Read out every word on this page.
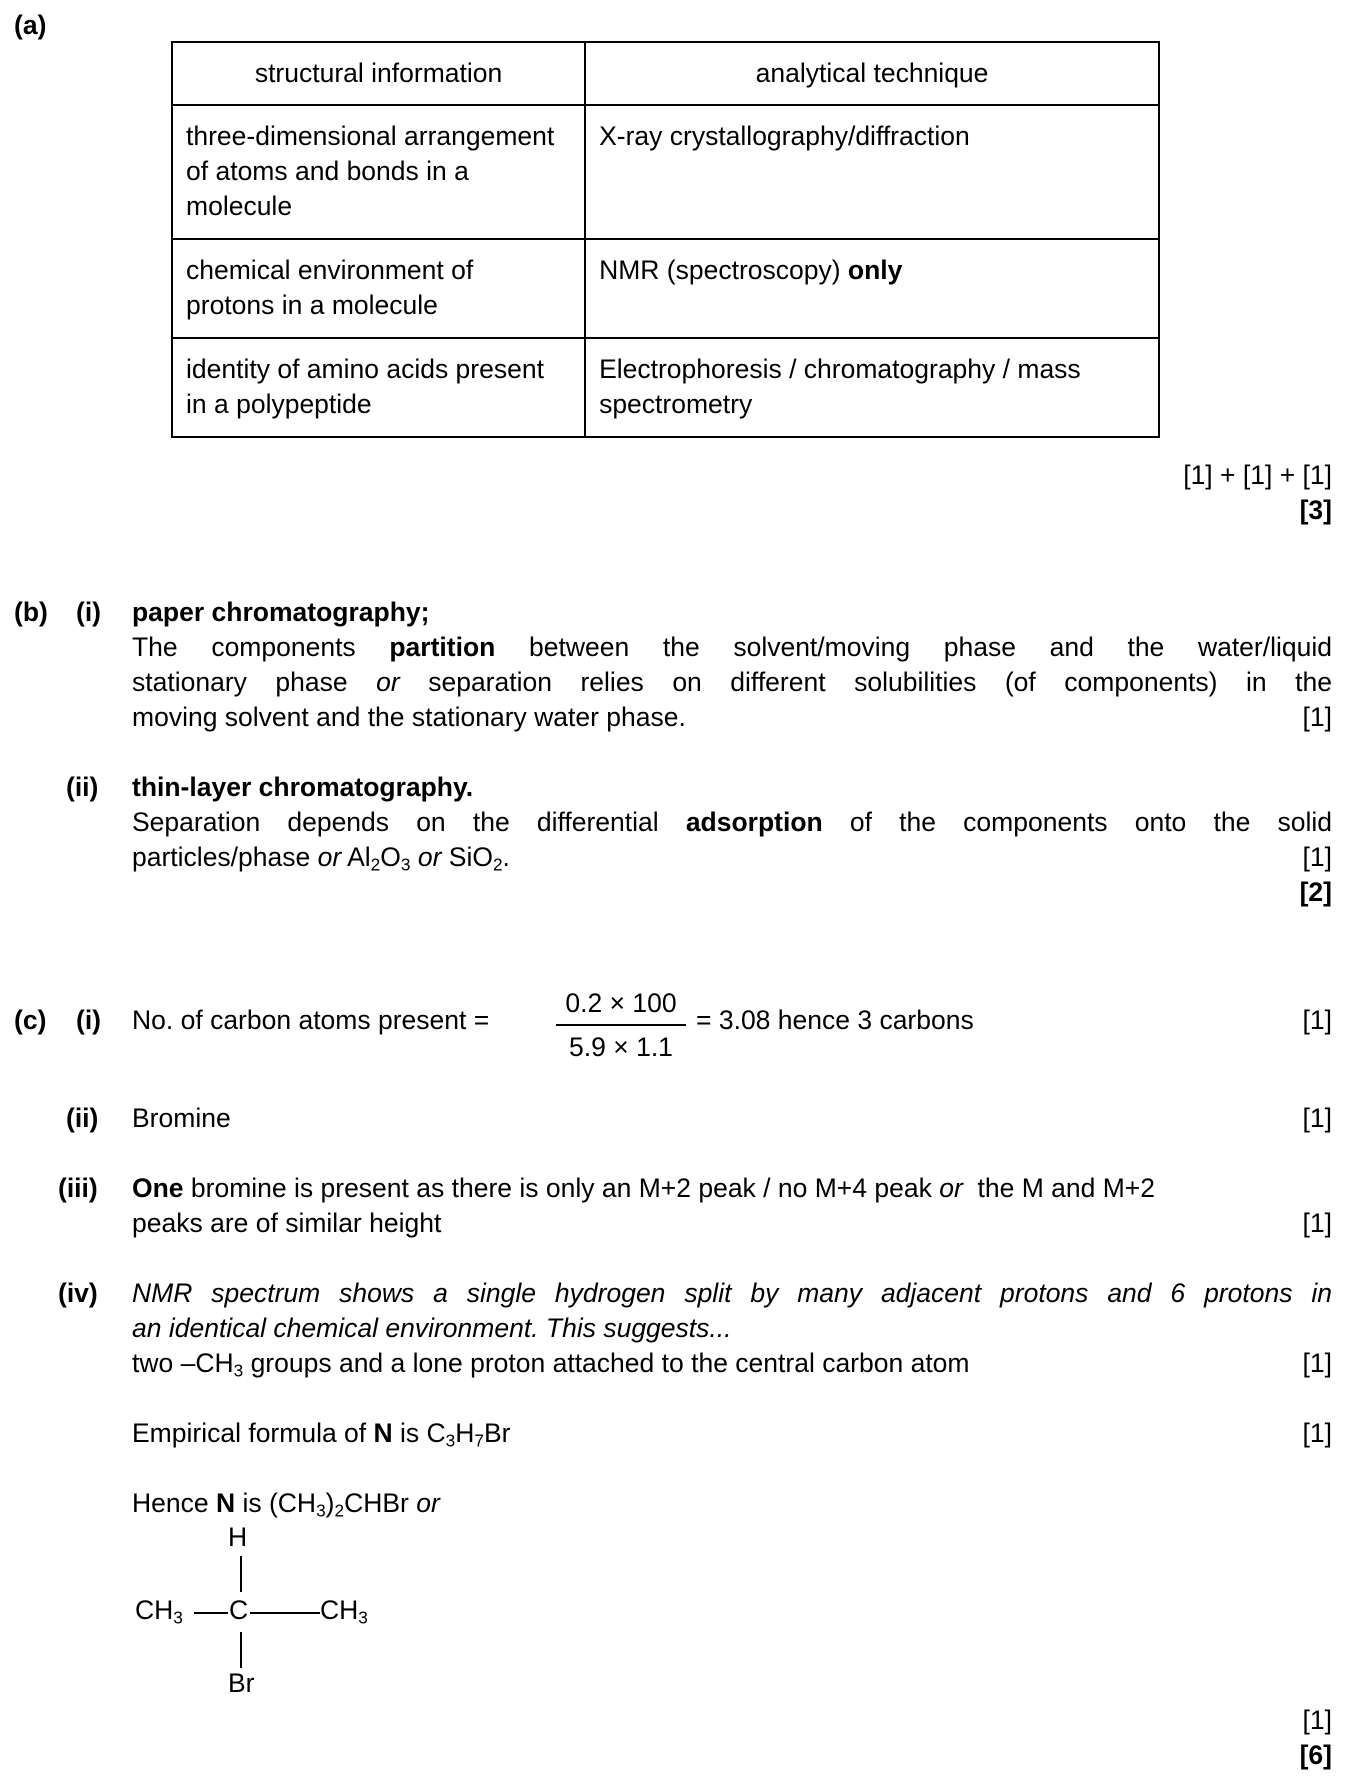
(a)
structural information	analytical technique
three-dimensional arrangement of atoms and bonds in a molecule	X-ray crystallography/diffraction
chemical environment of protons in a molecule	NMR (spectroscopy) only
identity of amino acids present in a polypeptide	Electrophoresis / chromatography / mass spectrometry
[1] + [1] + [1]
[3]
(b) (i) paper chromatography;
The components partition between the solvent/moving phase and the water/liquid
stationary phase or separation relies on different solubilities (of components) in the
moving solvent and the stationary water phase.	[1]
(ii) thin-layer chromatography.
Separation depends on the differential adsorption of the components onto the solid
particles/phase or $Al_2O_3$ or SiO$_2$.	[1]
[2]
(c) (i) No. of carbon atoms present =
0.2 × 100
5.9 × 1.1
= 3.08 hence 3 carbons	[1]
(ii) Bromine	[1]
(iii) One bromine is present as there is only an M+2 peak / no M+4 peak or  the M and M+2
peaks are of similar height	[1]
(iv) NMR spectrum shows a single hydrogen split by many adjacent protons and 6 protons in
an identical chemical environment. This suggests...
two $-CH_3$ groups and a lone proton attached to the central carbon atom	[1]
Empirical formula of N is $C_3H_7Br$	[1]
Hence N is $(CH_3)_2CHBr$ or
H
$CH_3$ C	$CH_3$
Br
[1]
[6]
